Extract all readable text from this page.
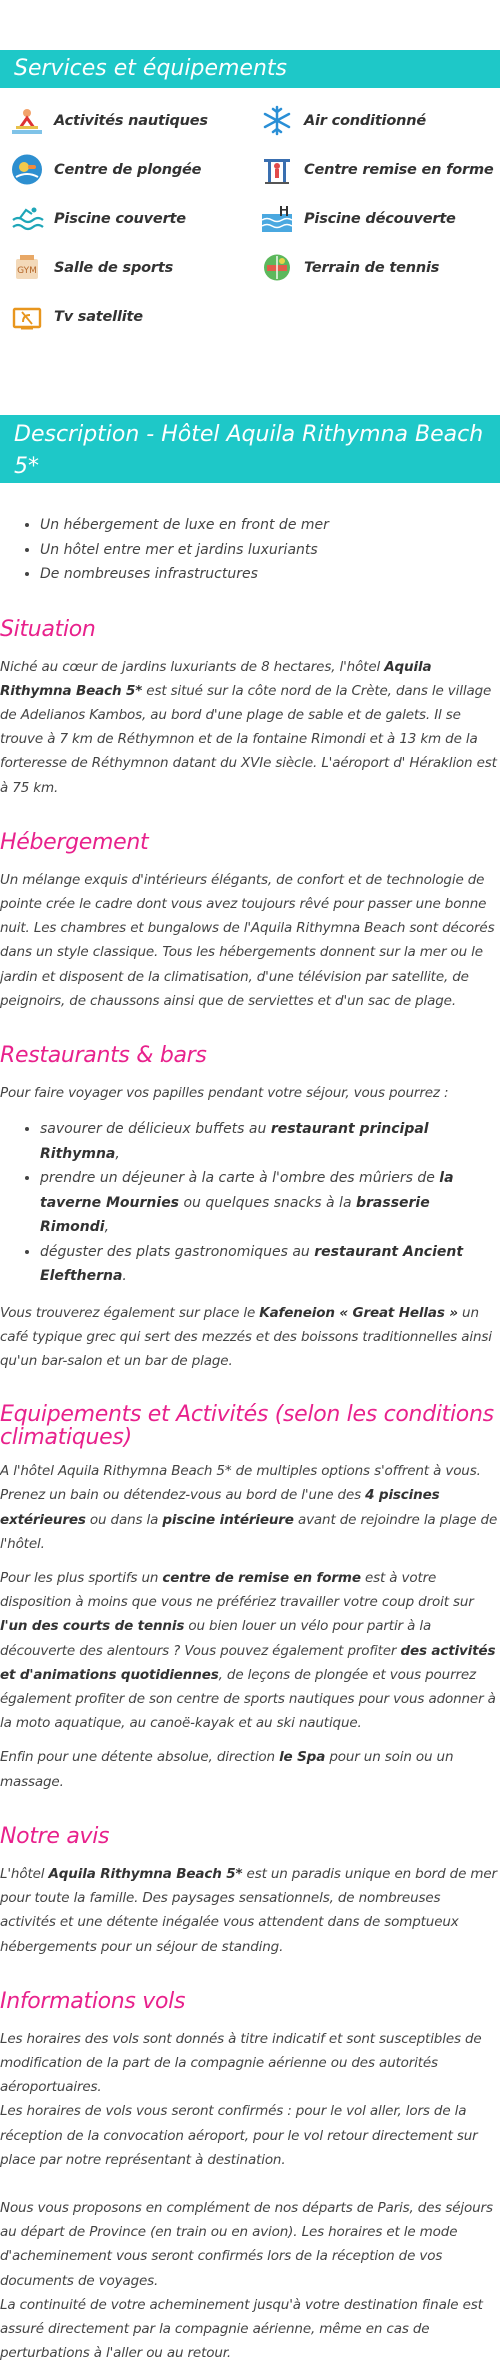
Services et équipements
Activités nautiques	Air conditionné
Centre de plongée	Centre remise en forme
Piscine couverte	Piscine découverte
GYM Salle de sports	Terrain de tennis
Tv satellite
Description - Hôtel Aquila Rithymna Beach 5*
• Un hébergement de luxe en front de mer
• Un hôtel entre mer et jardins luxuriants
• De nombreuses infrastructures
Situation

Niché au cœur de jardins luxuriants de 8 hectares, l'hôtel Aquila Rithymna Beach 5* est situé sur la côte nord de la Crète, dans le village de Adelianos Kambos, au bord d'une plage de sable et de galets. Il se trouve à 7 km de Réthymnon et de la fontaine Rimondi et à 13 km de la forteresse de Réthymnon datant du XVIe siècle. L'aéroport d' Héraklion est à 75 km.

Hébergement

Un mélange exquis d'intérieurs élégants, de confort et de technologie de pointe crée le cadre dont vous avez toujours rêvé pour passer une bonne nuit. Les chambres et bungalows de l'Aquila Rithymna Beach sont décorés dans un style classique. Tous les hébergements donnent sur la mer ou le jardin et disposent de la climatisation, d'une télévision par satellite, de peignoirs, de chaussons ainsi que de serviettes et d'un sac de plage.

Restaurants & bars

Pour faire voyager vos papilles pendant votre séjour, vous pourrez :

• savourer de délicieux buffets au restaurant principal Rithymna,
• prendre un déjeuner à la carte à l'ombre des mûriers de la taverne Mournies ou quelques snacks à la brasserie Rimondi,
• déguster des plats gastronomiques au restaurant Ancient Eleftherna.

Vous trouverez également sur place le Kafeneion « Great Hellas » un café typique grec qui sert des mezzés et des boissons traditionnelles ainsi qu'un bar-salon et un bar de plage.

Equipements et Activités (selon les conditions climatiques)

A l'hôtel Aquila Rithymna Beach 5* de multiples options s'offrent à vous. Prenez un bain ou détendez-vous au bord de l'une des 4 piscines extérieures ou dans la piscine intérieure avant de rejoindre la plage de l'hôtel.

Pour les plus sportifs un centre de remise en forme est à votre disposition à moins que vous ne préfériez travailler votre coup droit sur l'un des courts de tennis ou bien louer un vélo pour partir à la découverte des alentours ? Vous pouvez également profiter des activités et d'animations quotidiennes, de leçons de plongée et vous pourrez également profiter de son centre de sports nautiques pour vous adonner à la moto aquatique, au canoë-kayak et au ski nautique.

Enfin pour une détente absolue, direction le Spa pour un soin ou un massage.

Notre avis

L'hôtel Aquila Rithymna Beach 5* est un paradis unique en bord de mer pour toute la famille. Des paysages sensationnels, de nombreuses activités et une détente inégalée vous attendent dans de somptueux hébergements pour un séjour de standing.

Informations vols

Les horaires des vols sont donnés à titre indicatif et sont susceptibles de modification de la part de la compagnie aérienne ou des autorités aéroportuaires.

Les horaires de vols vous seront confirmés : pour le vol aller, lors de la réception de la convocation aéroport, pour le vol retour directement sur place par notre représentant à destination.

Nous vous proposons en complément de nos départs de Paris, des séjours au départ de Province (en train ou en avion). Les horaires et le mode d'acheminement vous seront confirmés lors de la réception de vos documents de voyages.

La continuité de votre acheminement jusqu'à votre destination finale est assuré directement par la compagnie aérienne, même en cas de perturbations à l'aller ou au retour.
